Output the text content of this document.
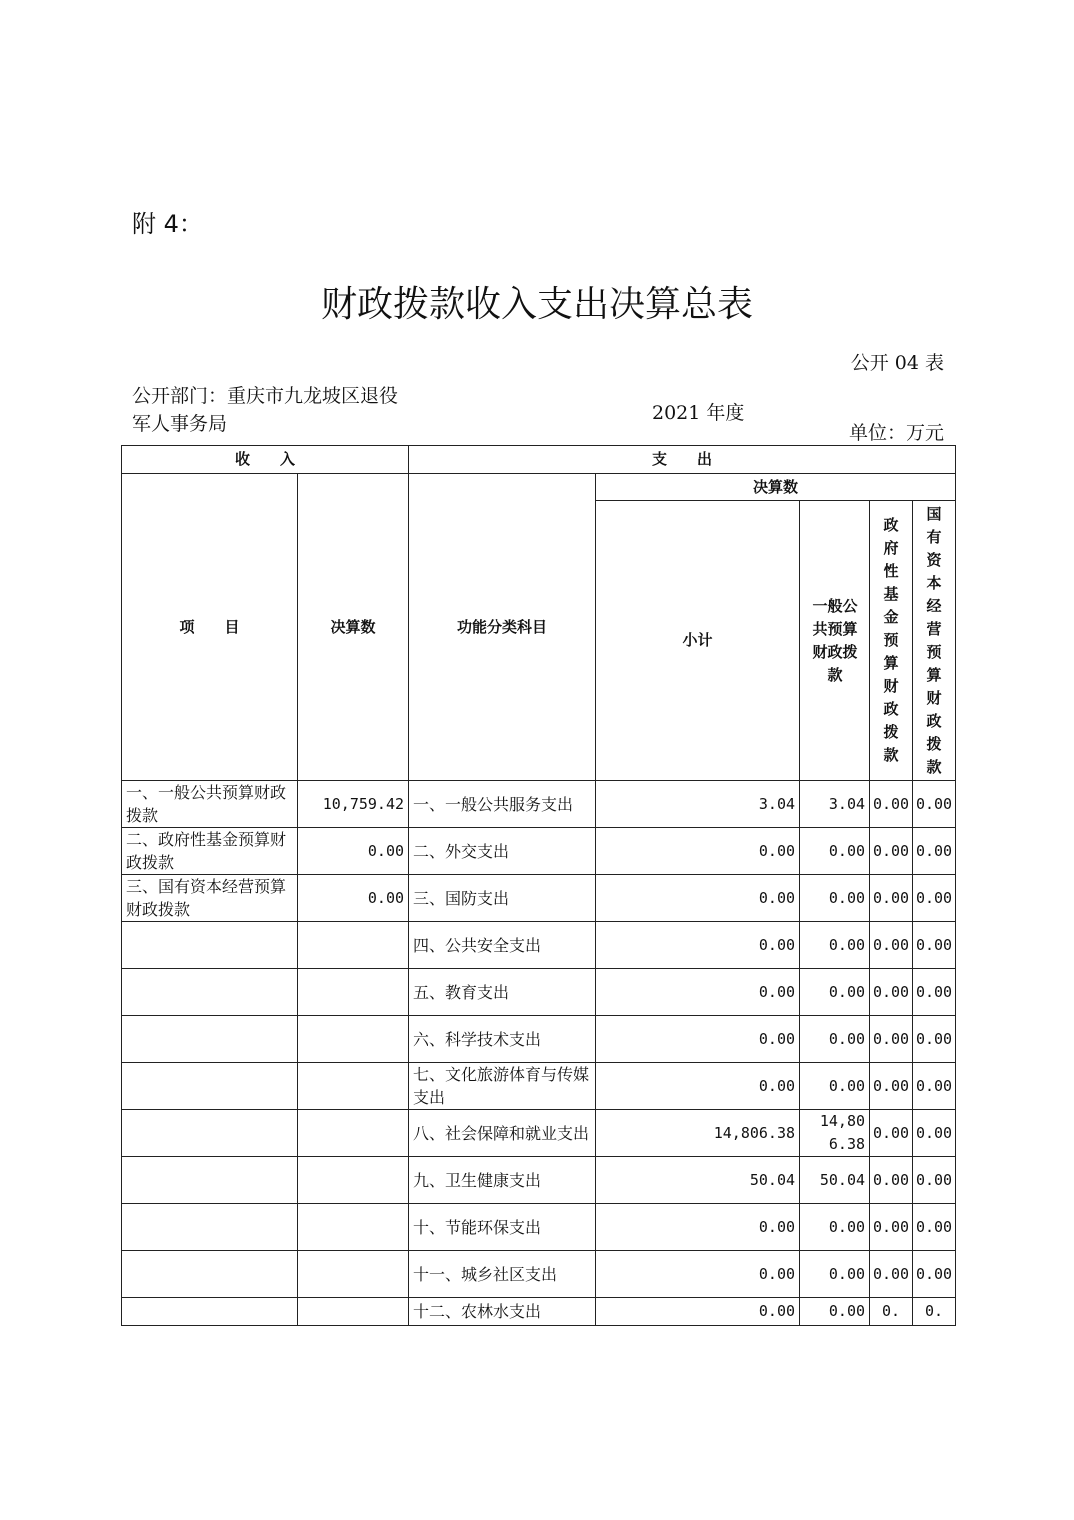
附 4：
财政拨款收入支出决算总表
公开 04 表
公开部门：重庆市九龙坡区退役军人事务局	2021 年度
单位：万元
收　　入		支　　出				
项　　目	决算数	功能分类科目	决算数			
			小计	一般公共预算财政拨款	政府性基金预算财政拨款	国有资本经营预算财政拨款

一、一般公共预算财政拨款	10,759.42	一、一般公共服务支出	3.04	3.04	0.00	0.00
二、政府性基金预算财政拨款	0.00	二、外交支出	0.00	0.00	0.00	0.00
三、国有资本经营预算财政拨款	0.00	三、国防支出	0.00	0.00	0.00	0.00
		四、公共安全支出	0.00	0.00	0.00	0.00
		五、教育支出	0.00	0.00	0.00	0.00
		六、科学技术支出	0.00	0.00	0.00	0.00
		七、文化旅游体育与传媒支出	0.00	0.00	0.00	0.00
		八、社会保障和就业支出	14,806.38	14,806.38	0.00	0.00
		九、卫生健康支出	50.04	50.04	0.00	0.00
		十、节能环保支出	0.00	0.00	0.00	0.00
		十一、城乡社区支出	0.00	0.00	0.00	0.00
		十二、农林水支出	0.00	0.00	0.	0.
